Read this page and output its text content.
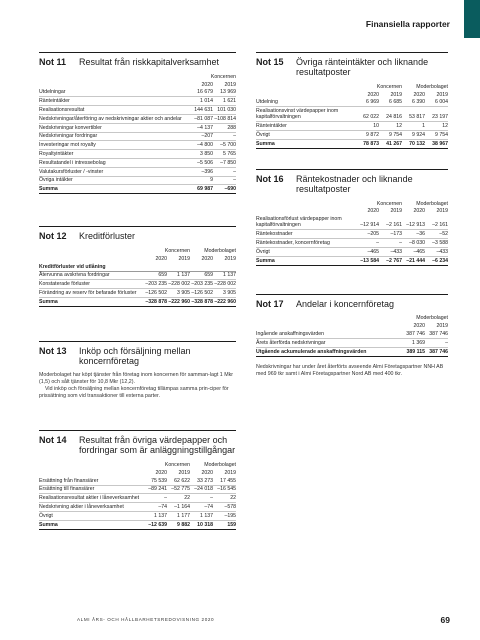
Finansiella rapporter
Not 11	Resultat från riskkapitalverksamhet
	Koncernen	
	2020	2019
Utdelningar	16 679	13 969
Ränteintäkter	1 014	1 621
Realisationsresultat	144 631	101 030
Nedskrivningar/återföring av nedskrivningar aktier och andelar	–81 087	–108 814
Nedskrivningar konvertibler	–4 137	288
Nedskrivningar fordringar	–207	–
Investeringar mot royalty	–4 800	–5 700
Royaltyintäkter	3 850	5 765
Resultatandel i intressebolag	–5 506	–7 850
Valutakursförluster / -vinster	–396	–
Övriga intäkter	9	–
Summa	69 987	–690
Not 12	Kreditförluster
	Koncernen		Moderbolaget	
	2020	2019	2020	2019
Kreditförluster vid utlåning				
Återvunna avskrivna fordringar	659	1 137	659	1 137
Konstaterade förluster	–203 235	–228 002	–203 235	–228 002
Förändring av reserv för befarade förluster	–126 502	3 905	–126 502	3 905
Summa	–328 878	–222 960	–328 878	–222 960
Not 13	Inköp och försäljning mellan koncernföretag

Moderbolaget har köpt tjänster från företag inom koncernen för samman-lagt 1 Mkr (1,5) och sålt tjänster för 10,8 Mkr (12,2).

Vid inköp och försäljning mellan koncernföretag tillämpas samma prin-ciper för prissättning som vid transaktioner till externa parter.

Not 14	Resultat från övriga värdepapper och fordringar som är anläggningstillgångar
	Koncernen		Moderbolaget	
	2020	2019	2020	2019
Ersättning från finansiärer	75 539	62 622	33 273	17 455
Ersättning till finansiärer	–89 241	–52 775	–24 018	–16 545
Realisationsresultat aktier i låneverksamhet	–	22	–	22
Nedskrivning aktier i låneverksamhet	–74	–1 164	–74	–578
Övrigt	1 137	1 177	1 137	–195
Summa	–12 639	9 882	10 318	159
Not 15	Övriga ränteintäkter och liknande resultatposter
	Koncernen		Moderbolaget	
	2020	2019	2020	2019
Utdelning	6 969	6 685	6 390	6 004
Realisationsvinst värdepapper inom kapitalförvaltningen	62 022	24 816	53 817	23 197
Ränteintäkter	10	12	1	12
Övrigt	9 872	9 754	9 924	9 754
Summa	78 873	41 267	70 132	38 967
Not 16	Räntekostnader och liknande resultatposter
	Koncernen		Moderbolaget	
	2020	2019	2020	2019
Realisationsförlust värdepapper inom kapitalförvaltningen	–12 914	–2 161	–12 913	–2 161
Räntekostnader	–205	–173	–36	–52
Räntekostnader, koncernföretag	–	–	–8 030	–3 588
Övrigt	–465	–433	–465	–433
Summa	–13 584	–2 767	–21 444	–6 234
Not 17	Andelar i koncernföretag
	Moderbolaget	
	2020	2019
Ingående anskaffningsvärden	387 746	387 746
Årets återförda nedskrivningar	1 369	–
Utgående ackumulerade anskaffningsvärden	389 115	387 746

Nedskrivningar har under året återförts avseende Almi Företagspartner NNH AB med 969 tkr samt i Almi Företagspartner Nord AB med 400 tkr.

ALMI ÅRS- OCH HÅLLBARHETSREDOVISNING 2020	69
